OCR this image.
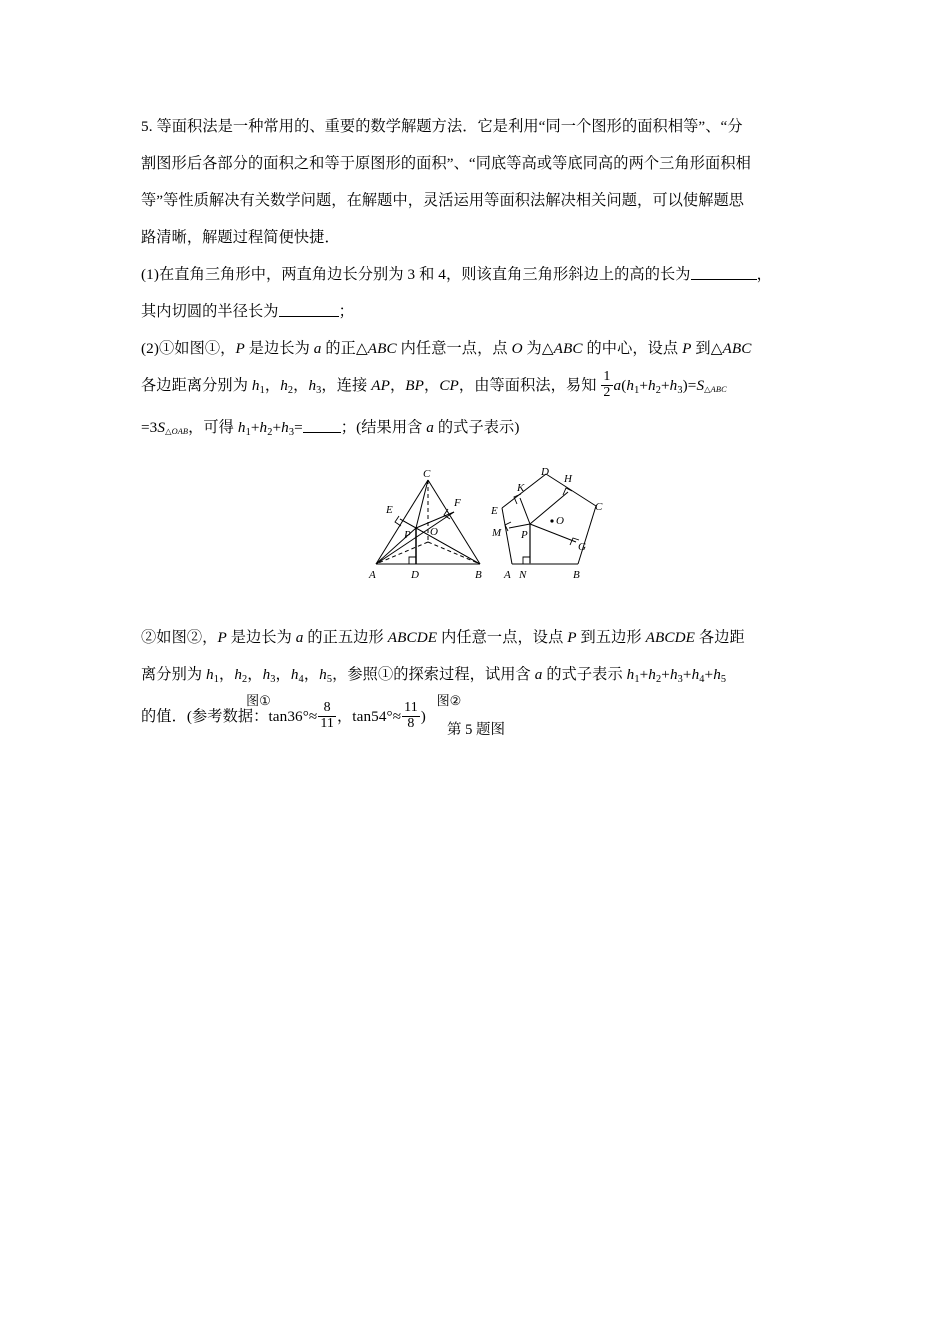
5. 等面积法是一种常用的、重要的数学解题方法．它是利用“同一个图形的面积相等”、“分
割图形后各部分的面积之和等于原图形的面积”、“同底等高或等底同高的两个三角形面积相
等”等性质解决有关数学问题，在解题中，灵活运用等面积法解决相关问题，可以使解题思
路清晰，解题过程简便快捷．
(1)在直角三角形中，两直角边长分别为 3 和 4，则该直角三角形斜边上的高的长为	，
其内切圆的半径长为	；
(2)①如图①，P 是边长为 a 的正△ABC 内任意一点，点 O 为△ABC 的中心，设点 P 到△ABC
各边距离分别为 h1，h2，h3，连接 AP，BP，CP，由等面积法，易知 $\frac{1}{2}$ a(h1+h2+h3)=S△ABC
=3S△OAB，可得 h1+h2+h3=	；(结果用含 a 的式子表示)
②如图②，P 是边长为 a 的正五边形 ABCDE 内任意一点，设点 P 到五边形 ABCDE 各边距
离分别为 h1，h2，h3，h4，h5，参照①的探索过程，试用含 a 的式子表示 h1+h2+h3+h4+h5
的值．(参考数据：$\tan 36^\circ\approx \frac{8}{11}$ ，$\tan 54^\circ\approx \frac{11}{8}$ )
图①	图②
第 5 题图
A	B
C
D
E
F
O
P
A	B
C
D
E
G
H
K
M
N
O
P
